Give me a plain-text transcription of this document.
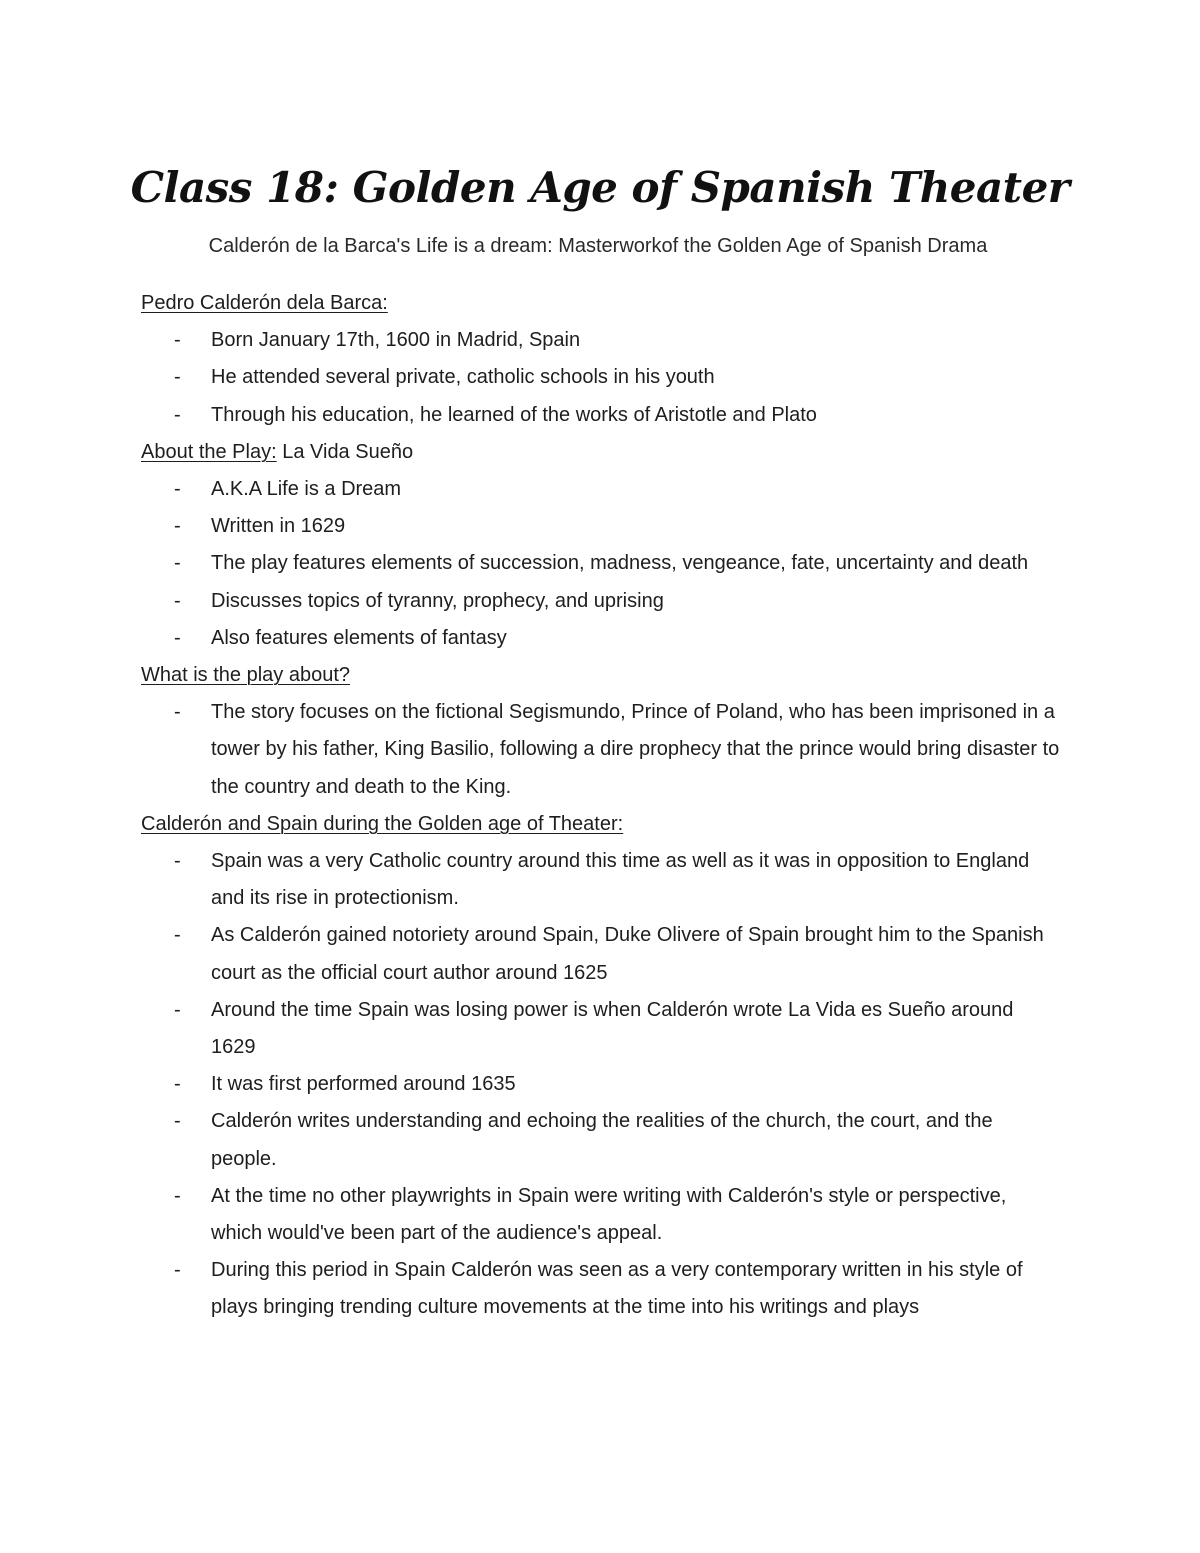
Class 18: Golden Age of Spanish Theater

Calderón de la Barca's Life is a dream: Masterworkof the Golden Age of Spanish Drama

Pedro Calderón dela Barca:

- Born January 17th, 1600 in Madrid, Spain
- He attended several private, catholic schools in his youth
- Through his education, he learned of the works of Aristotle and Plato

About the Play: La Vida Sueño

- A.K.A Life is a Dream
- Written in 1629
- The play features elements of succession, madness, vengeance, fate, uncertainty and death
- Discusses topics of tyranny, prophecy, and uprising
- Also features elements of fantasy

What is the play about?

- The story focuses on the fictional Segismundo, Prince of Poland, who has been imprisoned in a tower by his father, King Basilio, following a dire prophecy that the prince would bring disaster to the country and death to the King.

Calderón and Spain during the Golden age of Theater:

- Spain was a very Catholic country around this time as well as it was in opposition to England and its rise in protectionism.
- As Calderón gained notoriety around Spain, Duke Olivere of Spain brought him to the Spanish court as the official court author around 1625
- Around the time Spain was losing power is when Calderón wrote La Vida es Sueño around 1629
- It was first performed around 1635
- Calderón writes understanding and echoing the realities of the church, the court, and the people.
- At the time no other playwrights in Spain were writing with Calderón's style or perspective, which would've been part of the audience's appeal.
- During this period in Spain Calderón was seen as a very contemporary written in his style of plays bringing trending culture movements at the time into his writings and plays
